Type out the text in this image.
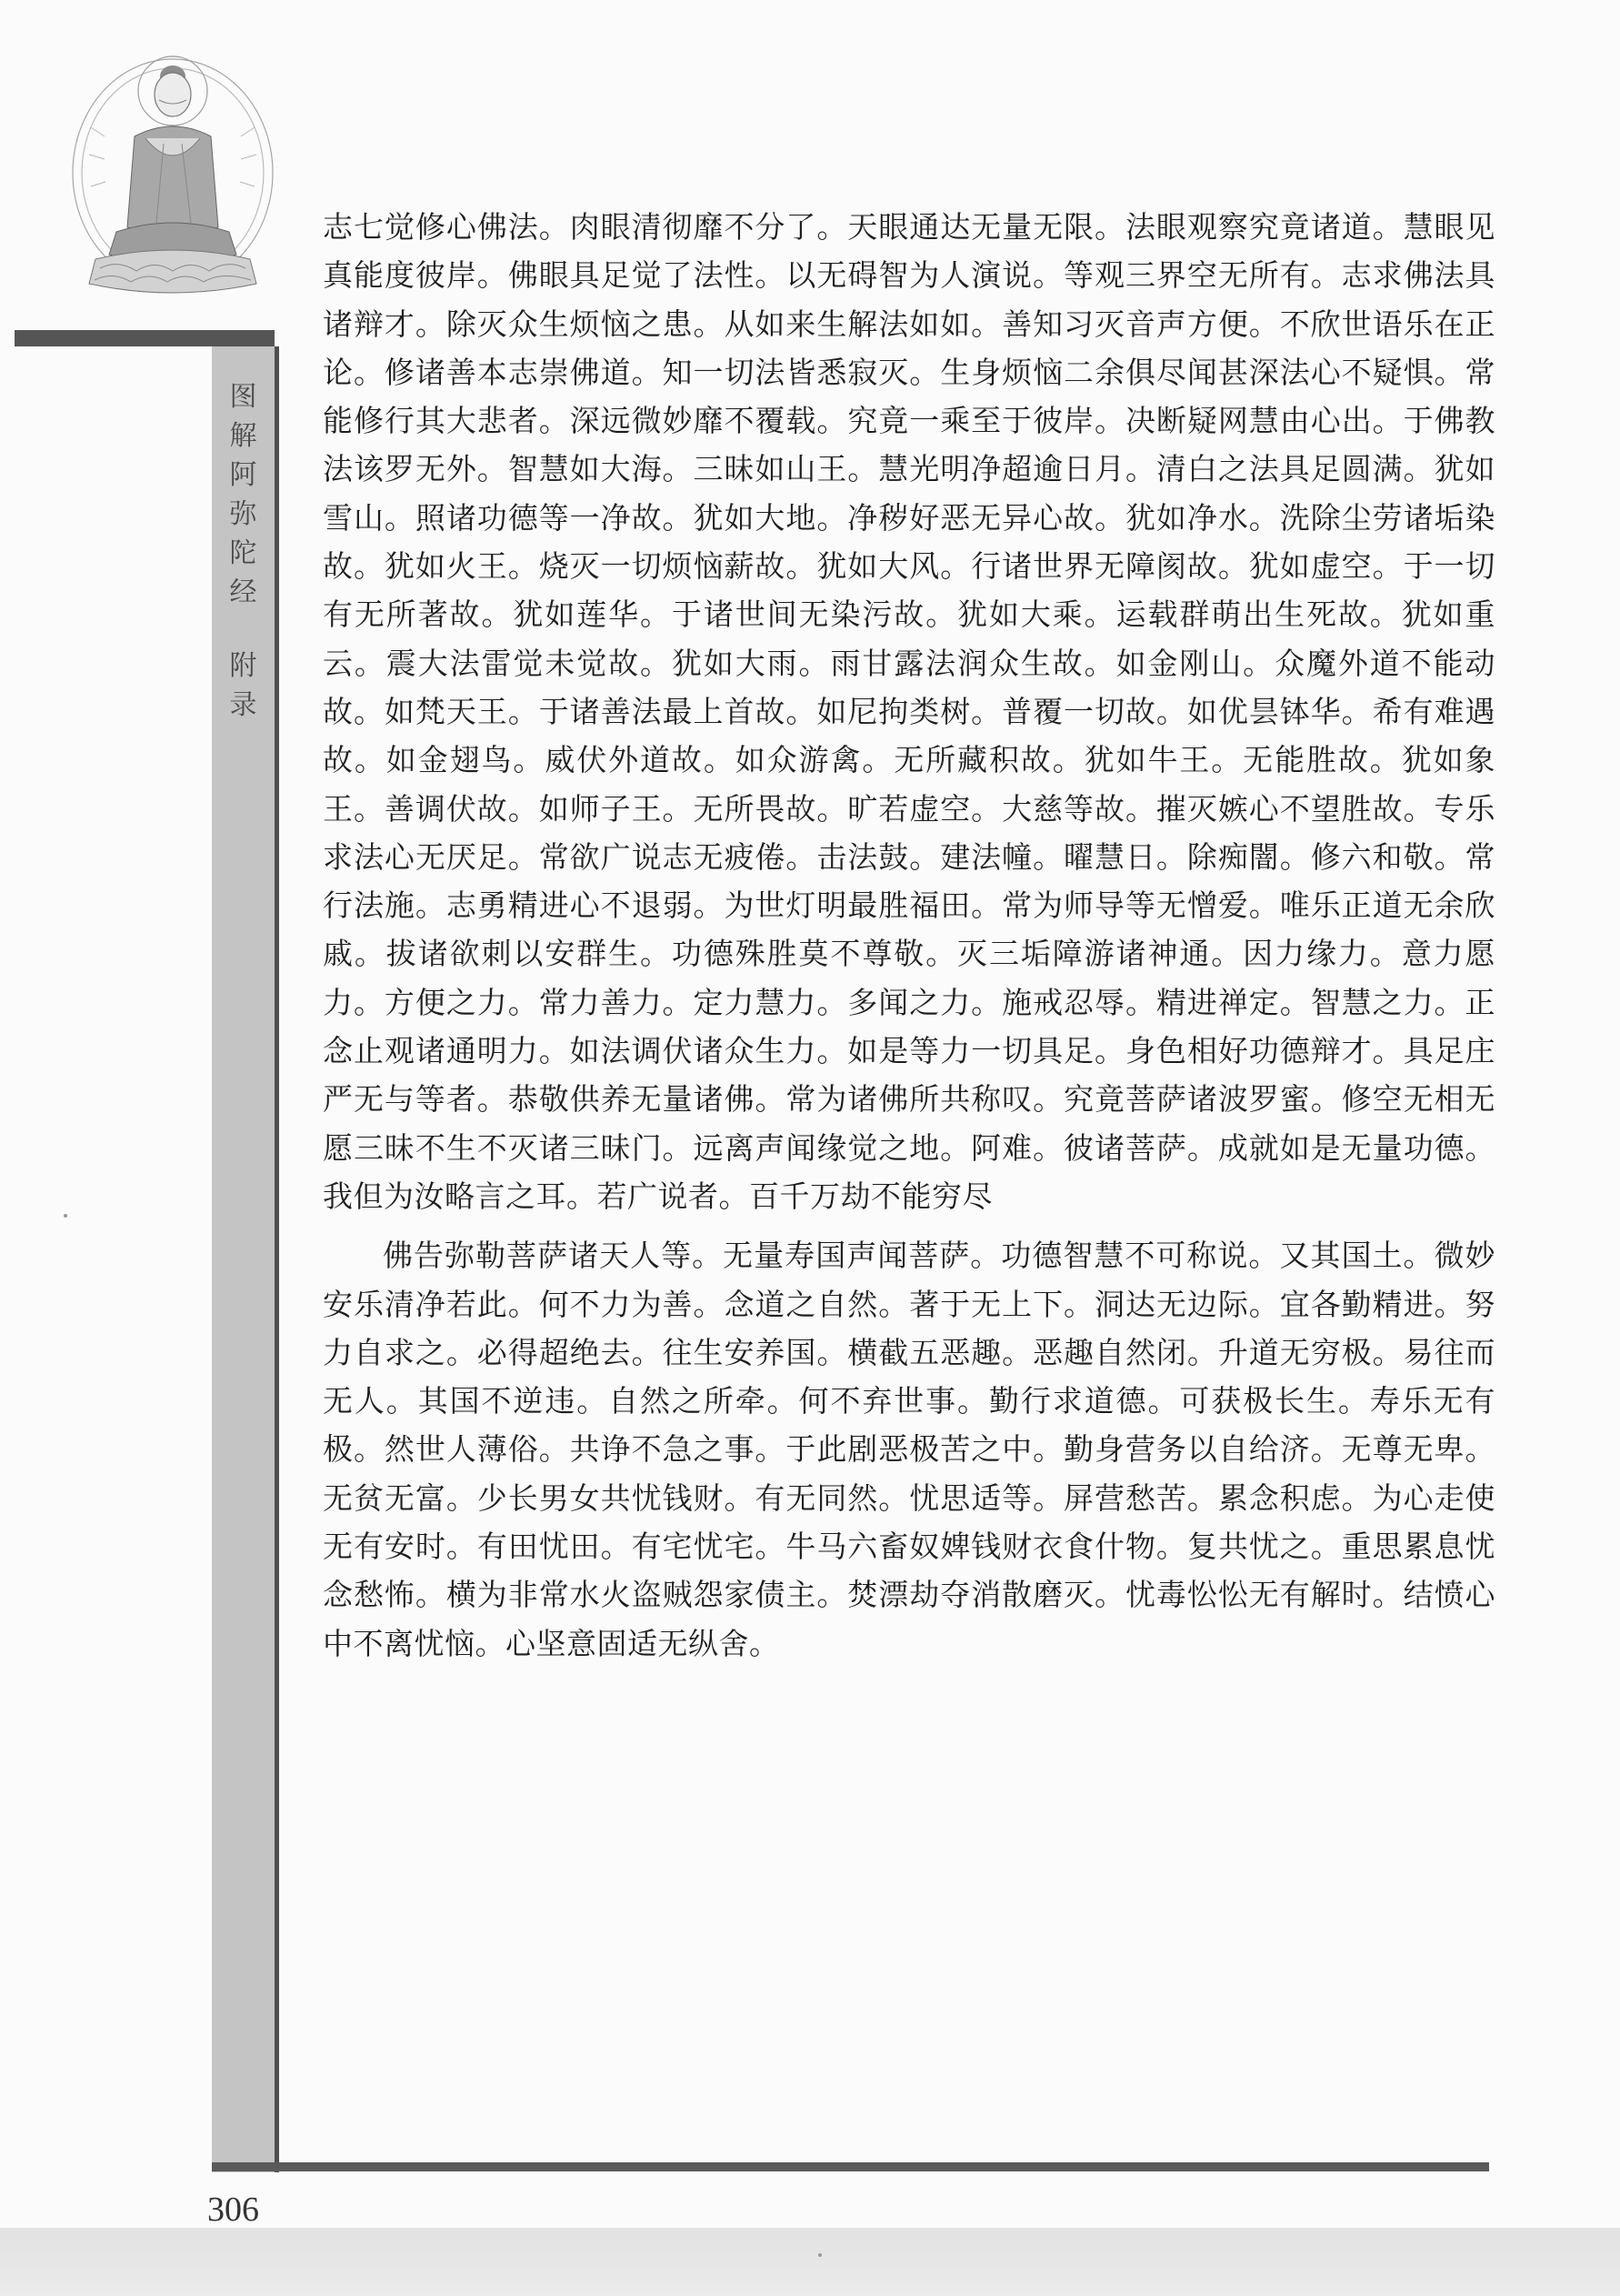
图
解
阿
弥
陀
经
附
录

志七觉修心佛法。肉眼清彻靡不分了。天眼通达无量无限。法眼观察究竟诸道。慧眼见真能度彼岸。佛眼具足觉了法性。以无碍智为人演说。等观三界空无所有。志求佛法具诸辩才。除灭众生烦恼之患。从如来生解法如如。善知习灭音声方便。不欣世语乐在正论。修诸善本志崇佛道。知一切法皆悉寂灭。生身烦恼二余俱尽闻甚深法心不疑惧。常能修行其大悲者。深远微妙靡不覆载。究竟一乘至于彼岸。决断疑网慧由心出。于佛教法该罗无外。智慧如大海。三昧如山王。慧光明净超逾日月。清白之法具足圆满。犹如雪山。照诸功德等一净故。犹如大地。净秽好恶无异心故。犹如净水。洗除尘劳诸垢染故。犹如火王。烧灭一切烦恼薪故。犹如大风。行诸世界无障阂故。犹如虚空。于一切有无所著故。犹如莲华。于诸世间无染污故。犹如大乘。运载群萌出生死故。犹如重云。震大法雷觉未觉故。犹如大雨。雨甘露法润众生故。如金刚山。众魔外道不能动故。如梵天王。于诸善法最上首故。如尼拘类树。普覆一切故。如优昙钵华。希有难遇故。如金翅鸟。威伏外道故。如众游禽。无所藏积故。犹如牛王。无能胜故。犹如象王。善调伏故。如师子王。无所畏故。旷若虚空。大慈等故。摧灭嫉心不望胜故。专乐求法心无厌足。常欲广说志无疲倦。击法鼓。建法幢。曜慧日。除痴闇。修六和敬。常行法施。志勇精进心不退弱。为世灯明最胜福田。常为师导等无憎爱。唯乐正道无余欣戚。拔诸欲刺以安群生。功德殊胜莫不尊敬。灭三垢障游诸神通。因力缘力。意力愿力。方便之力。常力善力。定力慧力。多闻之力。施戒忍辱。精进禅定。智慧之力。正念止观诸通明力。如法调伏诸众生力。如是等力一切具足。身色相好功德辩才。具足庄严无与等者。恭敬供养无量诸佛。常为诸佛所共称叹。究竟菩萨诸波罗蜜。修空无相无愿三昧不生不灭诸三昧门。远离声闻缘觉之地。阿难。彼诸菩萨。成就如是无量功德。我但为汝略言之耳。若广说者。百千万劫不能穷尽

佛告弥勒菩萨诸天人等。无量寿国声闻菩萨。功德智慧不可称说。又其国土。微妙安乐清净若此。何不力为善。念道之自然。著于无上下。洞达无边际。宜各勤精进。努力自求之。必得超绝去。往生安养国。横截五恶趣。恶趣自然闭。升道无穷极。易往而无人。其国不逆违。自然之所牵。何不弃世事。勤行求道德。可获极长生。寿乐无有极。然世人薄俗。共诤不急之事。于此剧恶极苦之中。勤身营务以自给济。无尊无卑。无贫无富。少长男女共忧钱财。有无同然。忧思适等。屏营愁苦。累念积虑。为心走使无有安时。有田忧田。有宅忧宅。牛马六畜奴婢钱财衣食什物。复共忧之。重思累息忧念愁怖。横为非常水火盗贼怨家债主。焚漂劫夺消散磨灭。忧毒忪忪无有解时。结愤心中不离忧恼。心坚意固适无纵舍。

306
